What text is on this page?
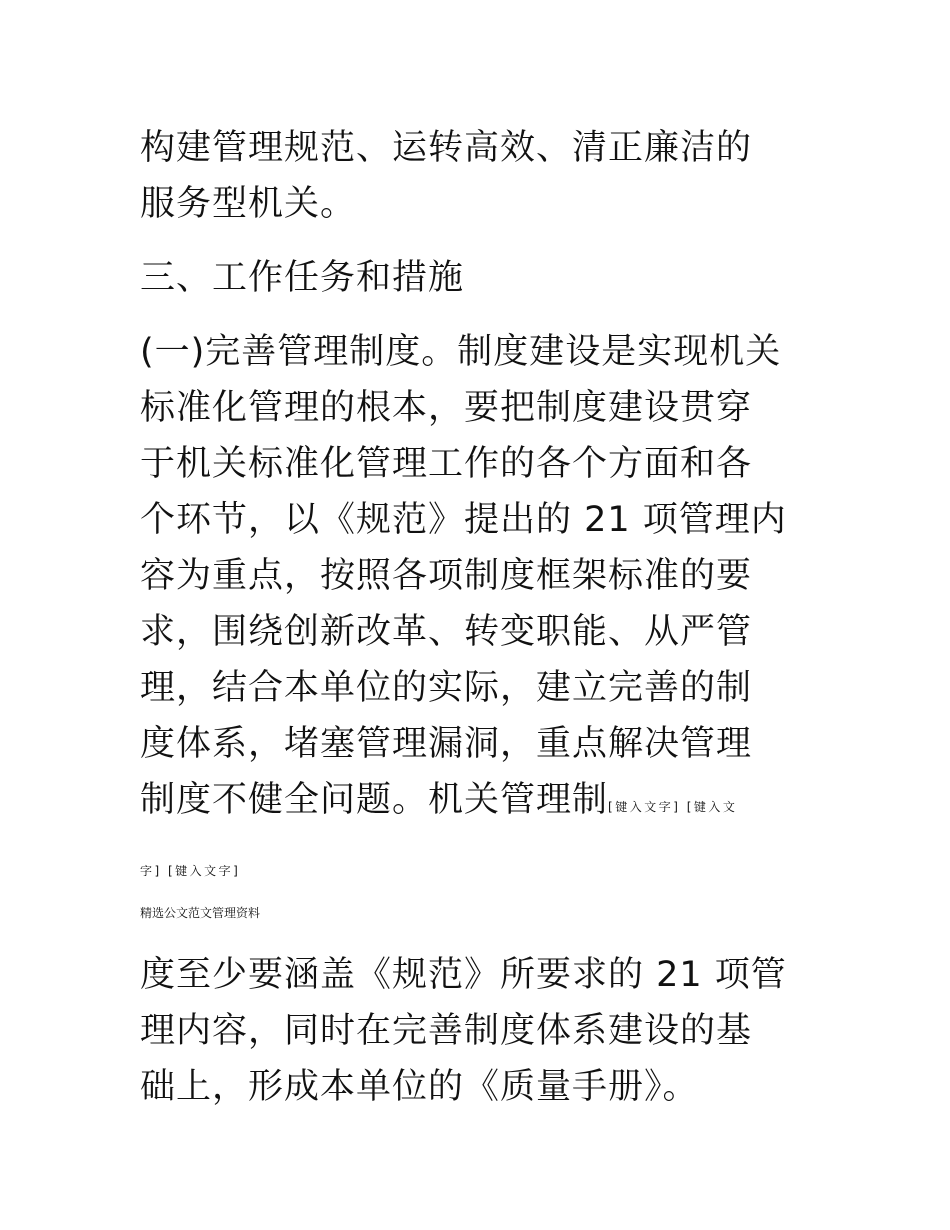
构建管理规范、运转高效、清正廉洁的
服务型机关。
三、工作任务和措施
(一)完善管理制度。制度建设是实现机关
标准化管理的根本，要把制度建设贯穿
于机关标准化管理工作的各个方面和各
个环节，以《规范》提出的 21 项管理内
容为重点，按照各项制度框架标准的要
求，围绕创新改革、转变职能、从严管
理，结合本单位的实际，建立完善的制
度体系，堵塞管理漏洞，重点解决管理
制度不健全问题。机关管理制[键入文字] [键入文
字] [键入文字]
精选公文范文管理资料
度至少要涵盖《规范》所要求的 21 项管
理内容，同时在完善制度体系建设的基
础上，形成本单位的《质量手册》。
